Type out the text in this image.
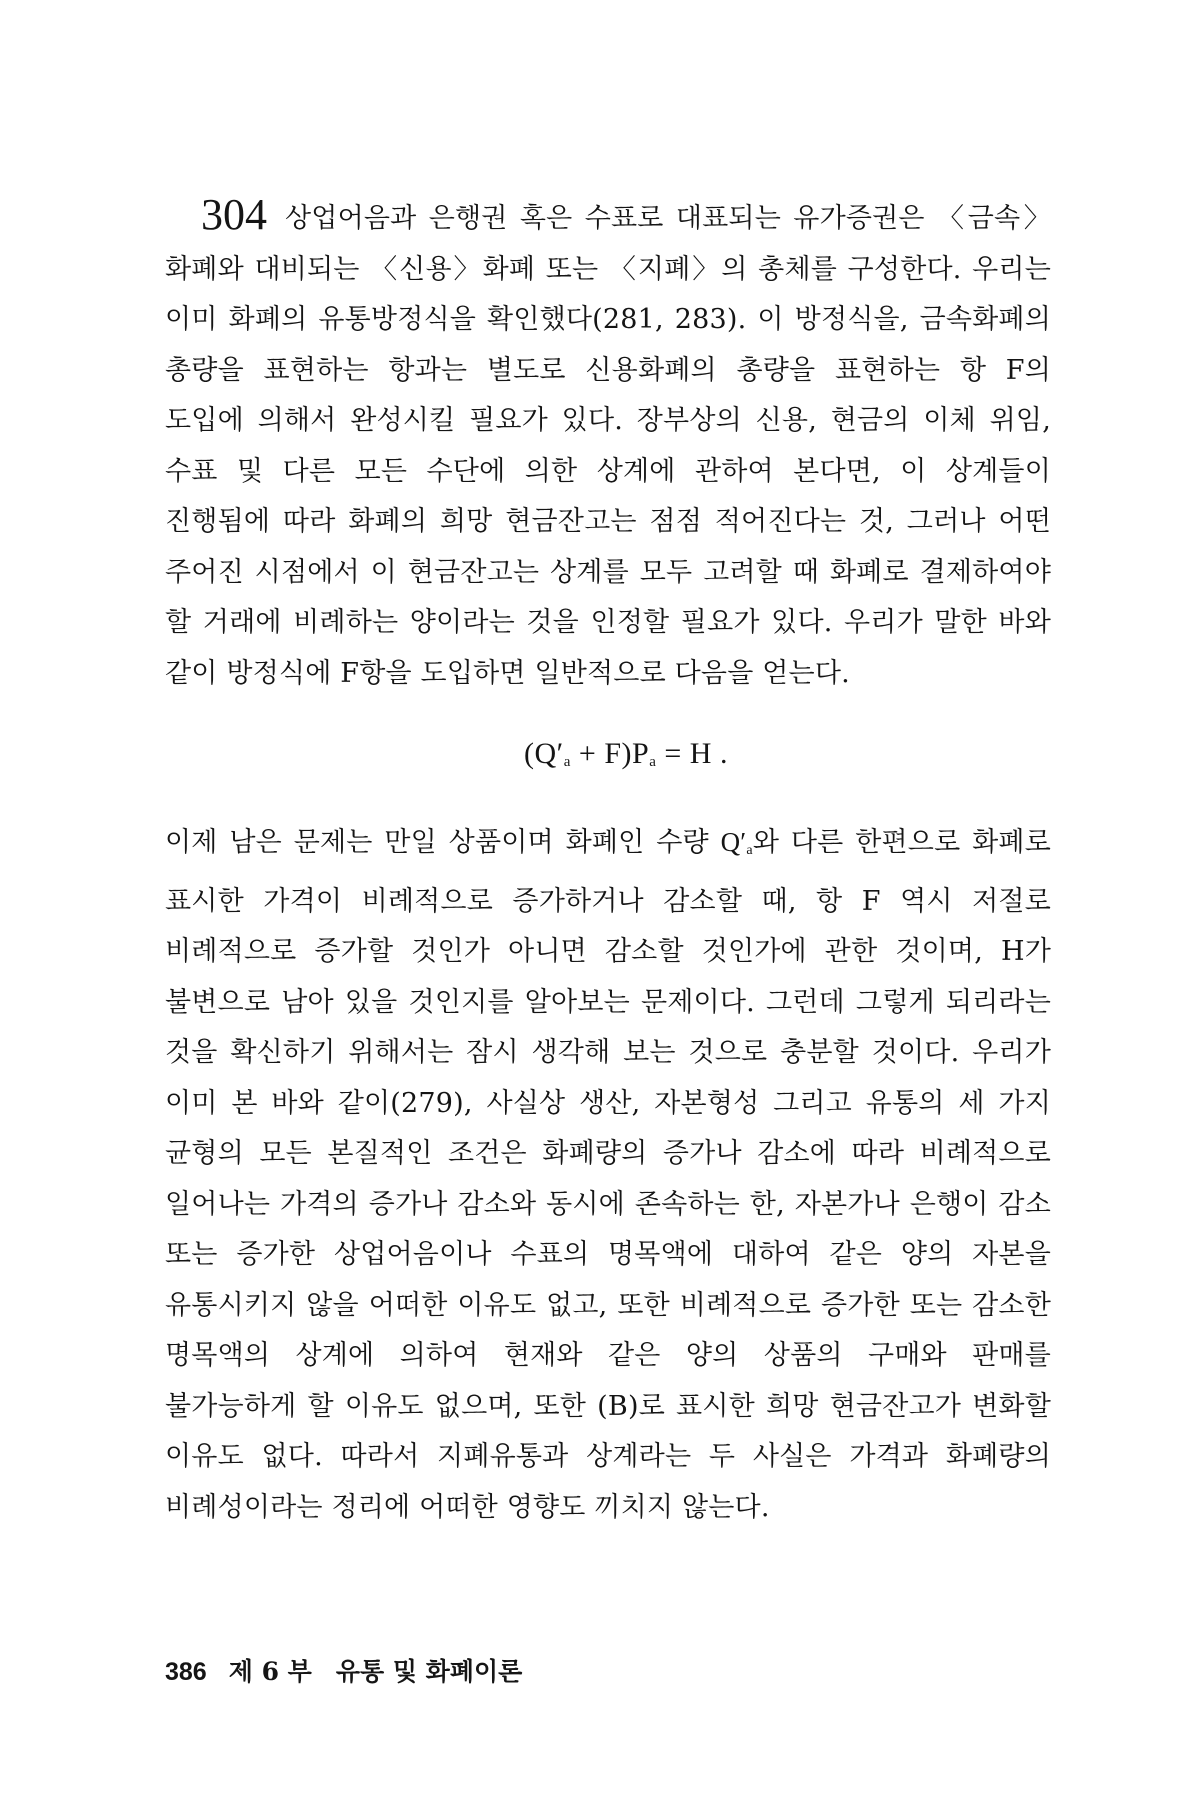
304 상업어음과 은행권 혹은 수표로 대표되는 유가증권은 〈금속〉화폐와 대비되는 〈신용〉화폐 또는 〈지폐〉의 총체를 구성한다. 우리는 이미 화폐의 유통방정식을 확인했다(281, 283). 이 방정식을, 금속화폐의 총량을 표현하는 항과는 별도로 신용화폐의 총량을 표현하는 항 F의 도입에 의해서 완성시킬 필요가 있다. 장부상의 신용, 현금의 이체 위임, 수표 및 다른 모든 수단에 의한 상계에 관하여 본다면, 이 상계들이 진행됨에 따라 화폐의 희망 현금잔고는 점점 적어진다는 것, 그러나 어떤 주어진 시점에서 이 현금잔고는 상계를 모두 고려할 때 화폐로 결제하여야 할 거래에 비례하는 양이라는 것을 인정할 필요가 있다. 우리가 말한 바와 같이 방정식에 F항을 도입하면 일반적으로 다음을 얻는다.

$(Q'_a + F)P_a = H$ .

이제 남은 문제는 만일 상품이며 화폐인 수량 $Q'_a$와 다른 한편으로 화폐로 표시한 가격이 비례적으로 증가하거나 감소할 때, 항 F 역시 저절로 비례적으로 증가할 것인가 아니면 감소할 것인가에 관한 것이며, H가 불변으로 남아 있을 것인지를 알아보는 문제이다. 그런데 그렇게 되리라는 것을 확신하기 위해서는 잠시 생각해 보는 것으로 충분할 것이다. 우리가 이미 본 바와 같이(279), 사실상 생산, 자본형성 그리고 유통의 세 가지 균형의 모든 본질적인 조건은 화폐량의 증가나 감소에 따라 비례적으로 일어나는 가격의 증가나 감소와 동시에 존속하는 한, 자본가나 은행이 감소 또는 증가한 상업어음이나 수표의 명목액에 대하여 같은 양의 자본을 유통시키지 않을 어떠한 이유도 없고, 또한 비례적으로 증가한 또는 감소한 명목액의 상계에 의하여 현재와 같은 양의 상품의 구매와 판매를 불가능하게 할 이유도 없으며, 또한 (B)로 표시한 희망 현금잔고가 변화할 이유도 없다. 따라서 지폐유통과 상계라는 두 사실은 가격과 화폐량의 비례성이라는 정리에 어떠한 영향도 끼치지 않는다.

386 제 6 부 유통 및 화폐이론
